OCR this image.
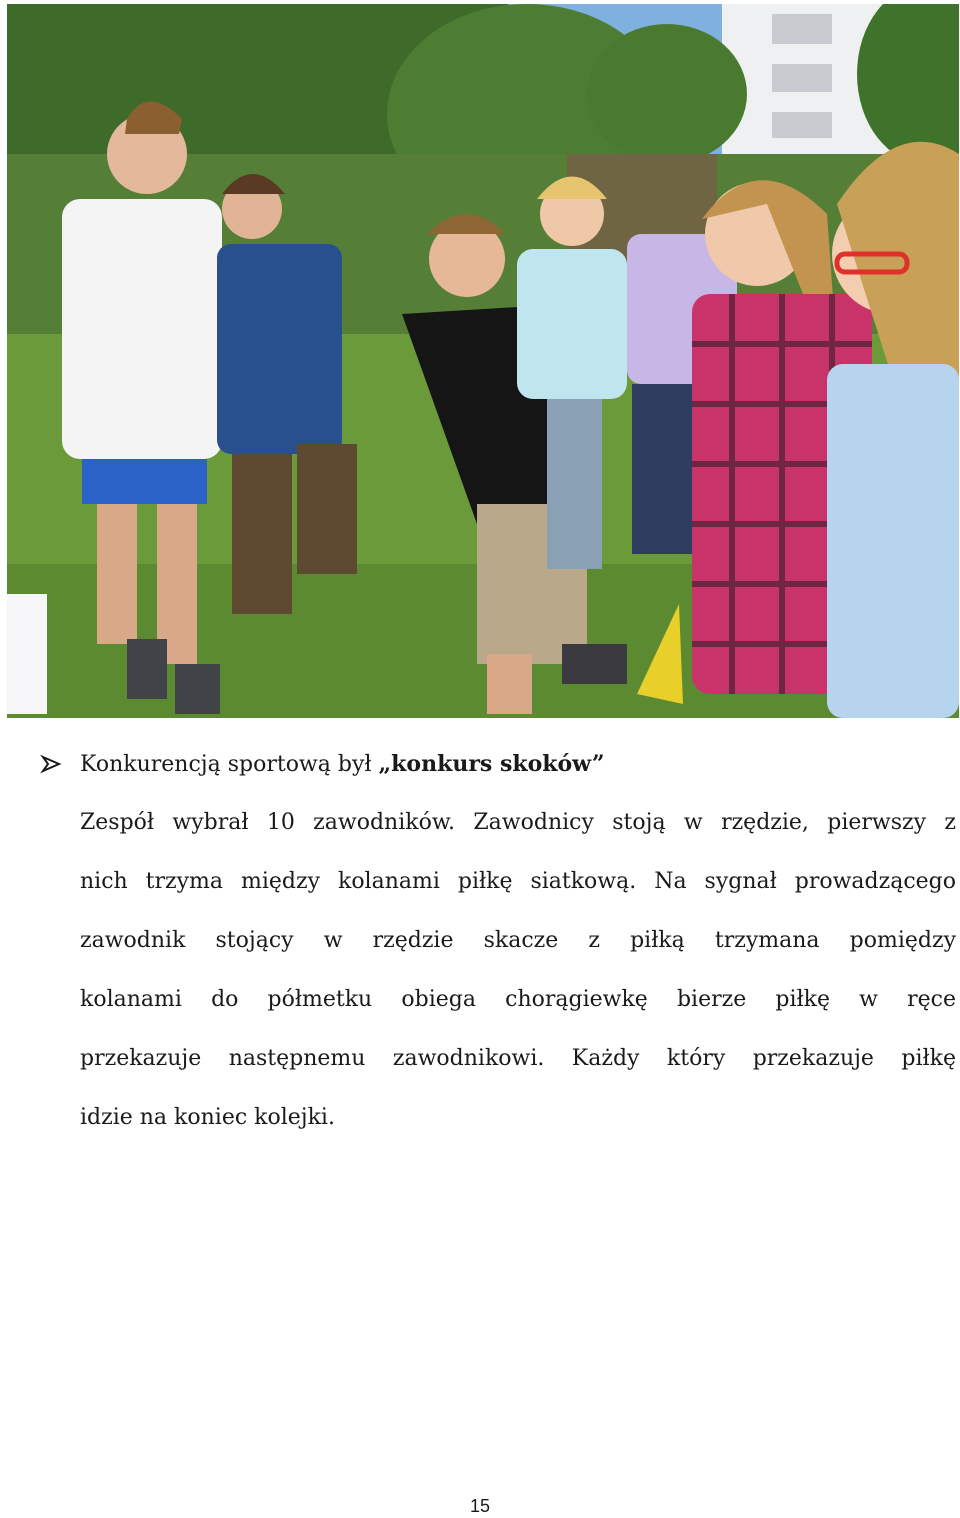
Konkurencją sportową był „konkurs skoków”
Zespół wybrał 10 zawodników. Zawodnicy stoją w rzędzie, pierwszy z
nich trzyma między kolanami piłkę siatkową. Na sygnał prowadzącego
zawodnik stojący w rzędzie skacze z piłką trzymana pomiędzy
kolanami do półmetku obiega chorągiewkę bierze piłkę w ręce
przekazuje następnemu zawodnikowi. Każdy który przekazuje piłkę
idzie na koniec kolejki.
15
